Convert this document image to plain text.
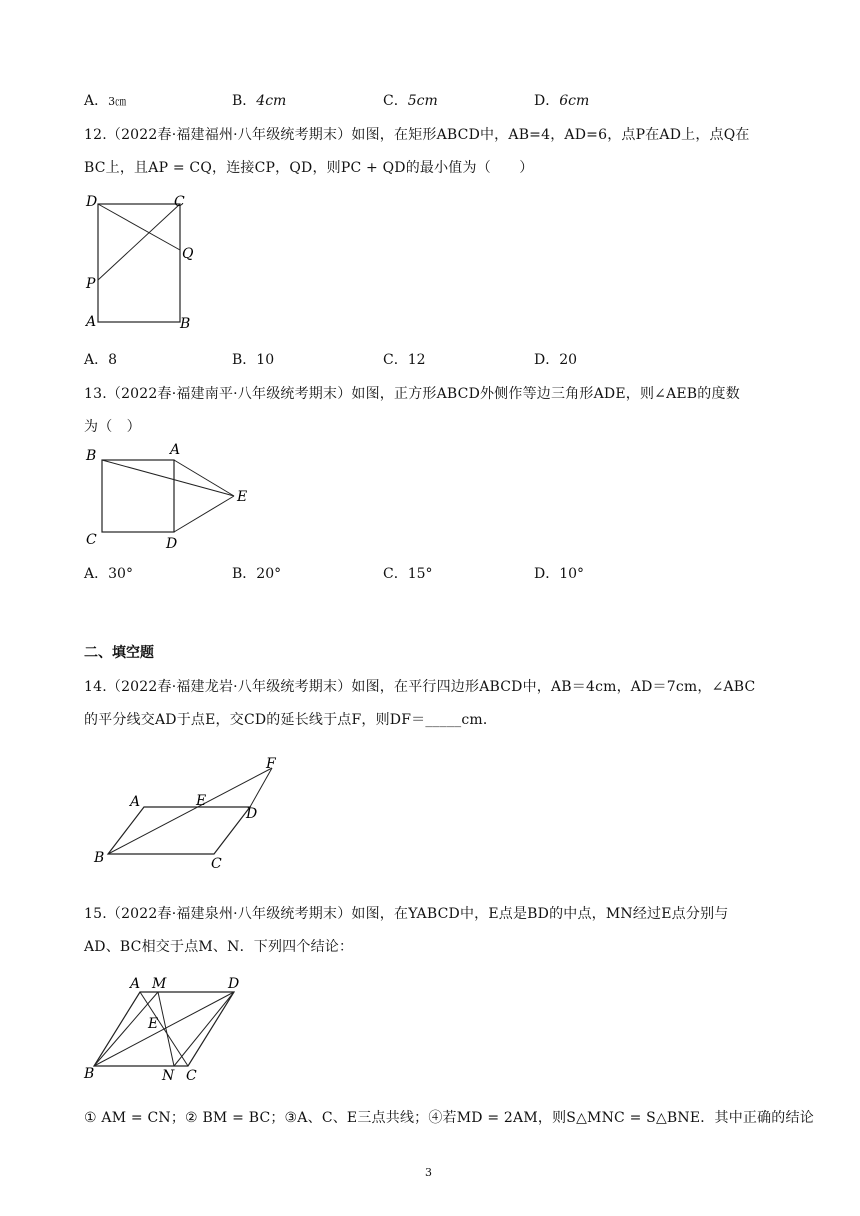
A．3㎝	B．4cm	C．5cm	D．6cm
12.（2022春·福建福州·八年级统考期末）如图，在矩形ABCD中，AB=4，AD=6，点P在AD上，点Q在
BC上，且AP = CQ，连接CP，QD，则PC + QD的最小值为（　　）
D	C
Q
P
A	B
A．8	B．10	C．12	D．20
13.（2022春·福建南平·八年级统考期末）如图，正方形ABCD外侧作等边三角形ADE，则∠AEB的度数
为（　）
B	A
E
C	D
A．30°	B．20°	C．15°	D．10°
二、填空题
14.（2022春·福建龙岩·八年级统考期末）如图，在平行四边形ABCD中，AB＝4cm，AD＝7cm，∠ABC
的平分线交AD于点E，交CD的延长线于点F，则DF＝_____cm．
F
A	E
D
B	C
15.（2022春·福建泉州·八年级统考期末）如图，在YABCD中，E点是BD的中点，MN经过E点分别与
AD、BC相交于点M、N．下列四个结论：
A M	D
E
B	N C
① AM = CN；② BM = BC；③A、C、E三点共线；④若MD = 2AM，则S△MNC = S△BNE．其中正确的结论
3
